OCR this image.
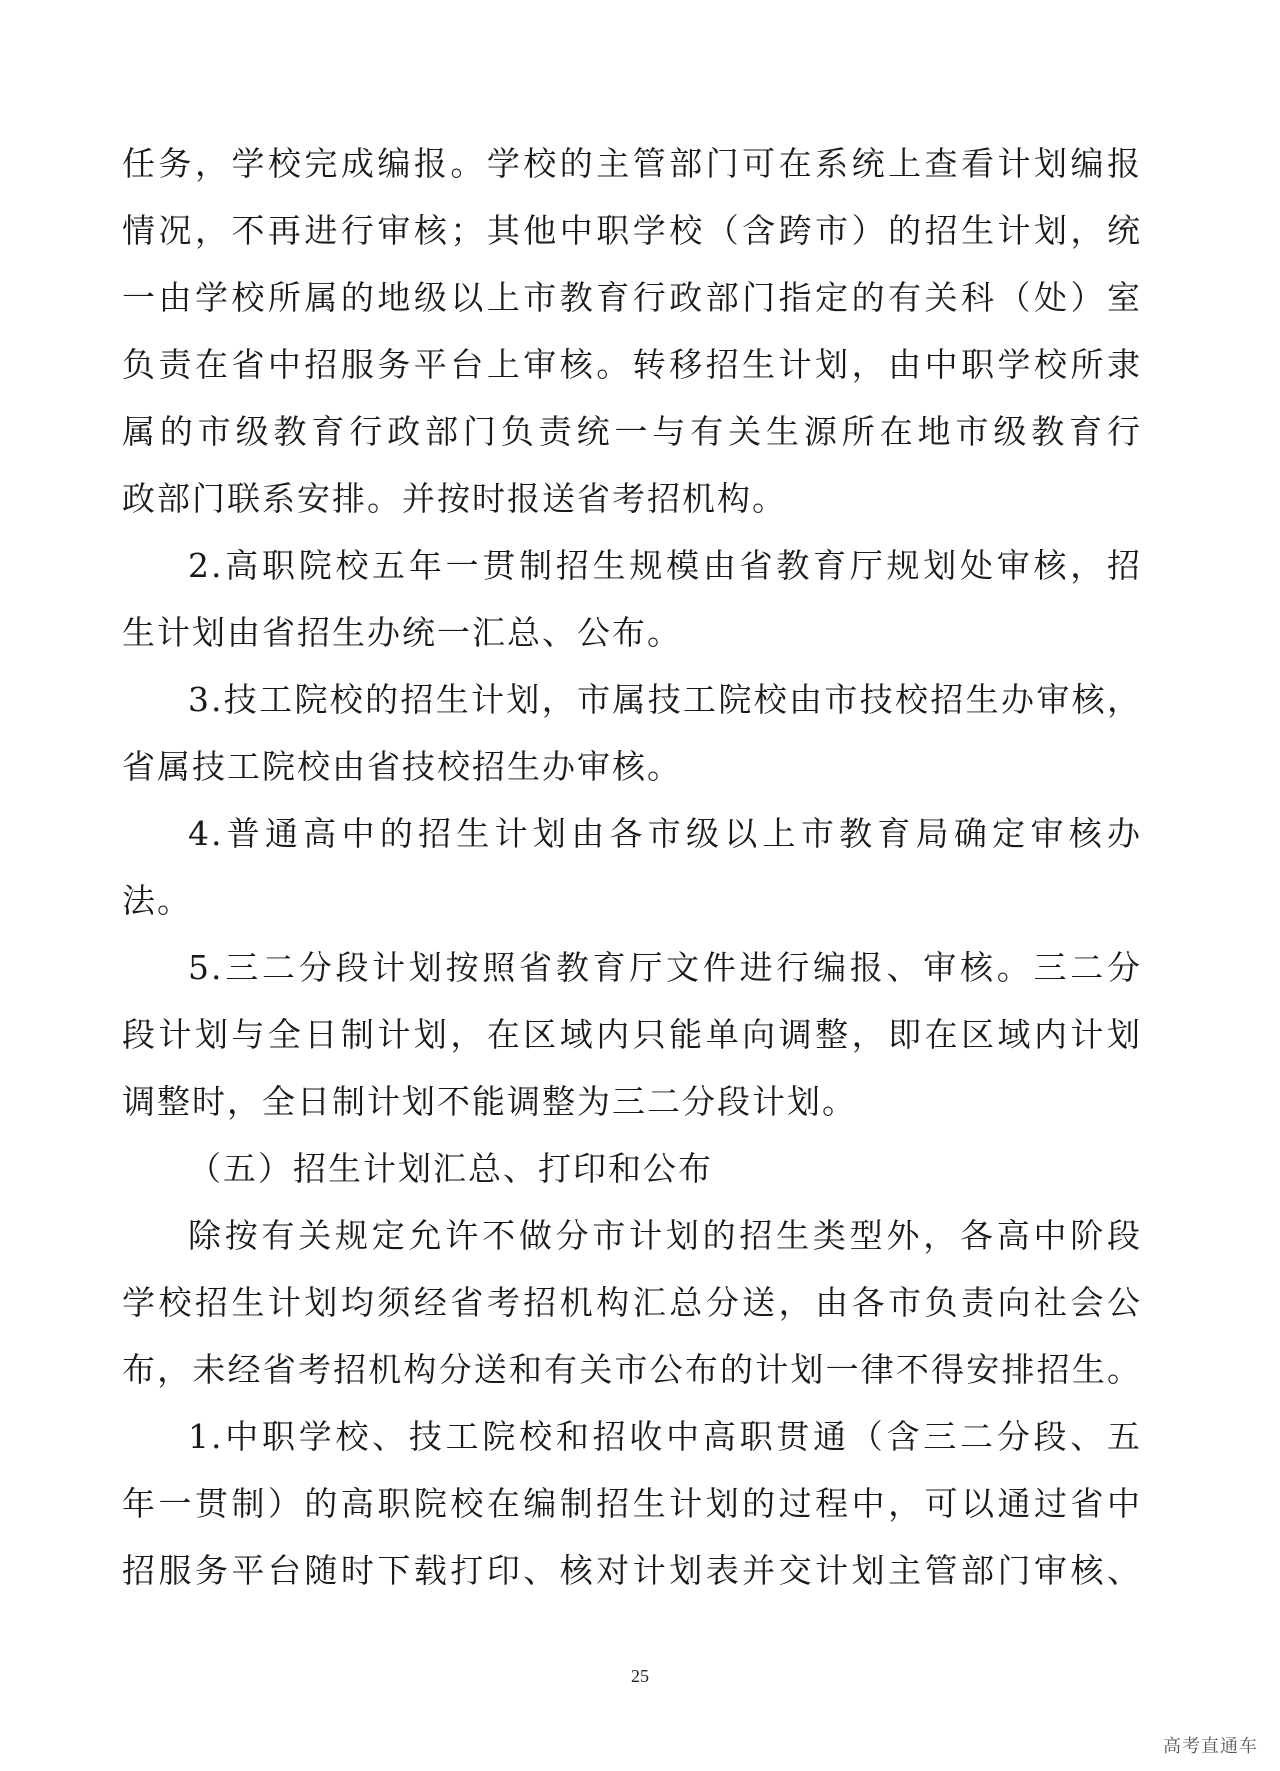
任务，学校完成编报。学校的主管部门可在系统上查看计划编报
情况，不再进行审核；其他中职学校（含跨市）的招生计划，统
一由学校所属的地级以上市教育行政部门指定的有关科（处）室
负责在省中招服务平台上审核。转移招生计划，由中职学校所隶
属的市级教育行政部门负责统一与有关生源所在地市级教育行
政部门联系安排。并按时报送省考招机构。
2.高职院校五年一贯制招生规模由省教育厅规划处审核，招
生计划由省招生办统一汇总、公布。
3.技工院校的招生计划，市属技工院校由市技校招生办审核，
省属技工院校由省技校招生办审核。
4.普通高中的招生计划由各市级以上市教育局确定审核办
法。
5.三二分段计划按照省教育厅文件进行编报、审核。三二分
段计划与全日制计划，在区域内只能单向调整，即在区域内计划
调整时，全日制计划不能调整为三二分段计划。
（五）招生计划汇总、打印和公布
除按有关规定允许不做分市计划的招生类型外，各高中阶段
学校招生计划均须经省考招机构汇总分送，由各市负责向社会公
布，未经省考招机构分送和有关市公布的计划一律不得安排招生。
1.中职学校、技工院校和招收中高职贯通（含三二分段、五
年一贯制）的高职院校在编制招生计划的过程中，可以通过省中
招服务平台随时下载打印、核对计划表并交计划主管部门审核、
25
高考直通车
